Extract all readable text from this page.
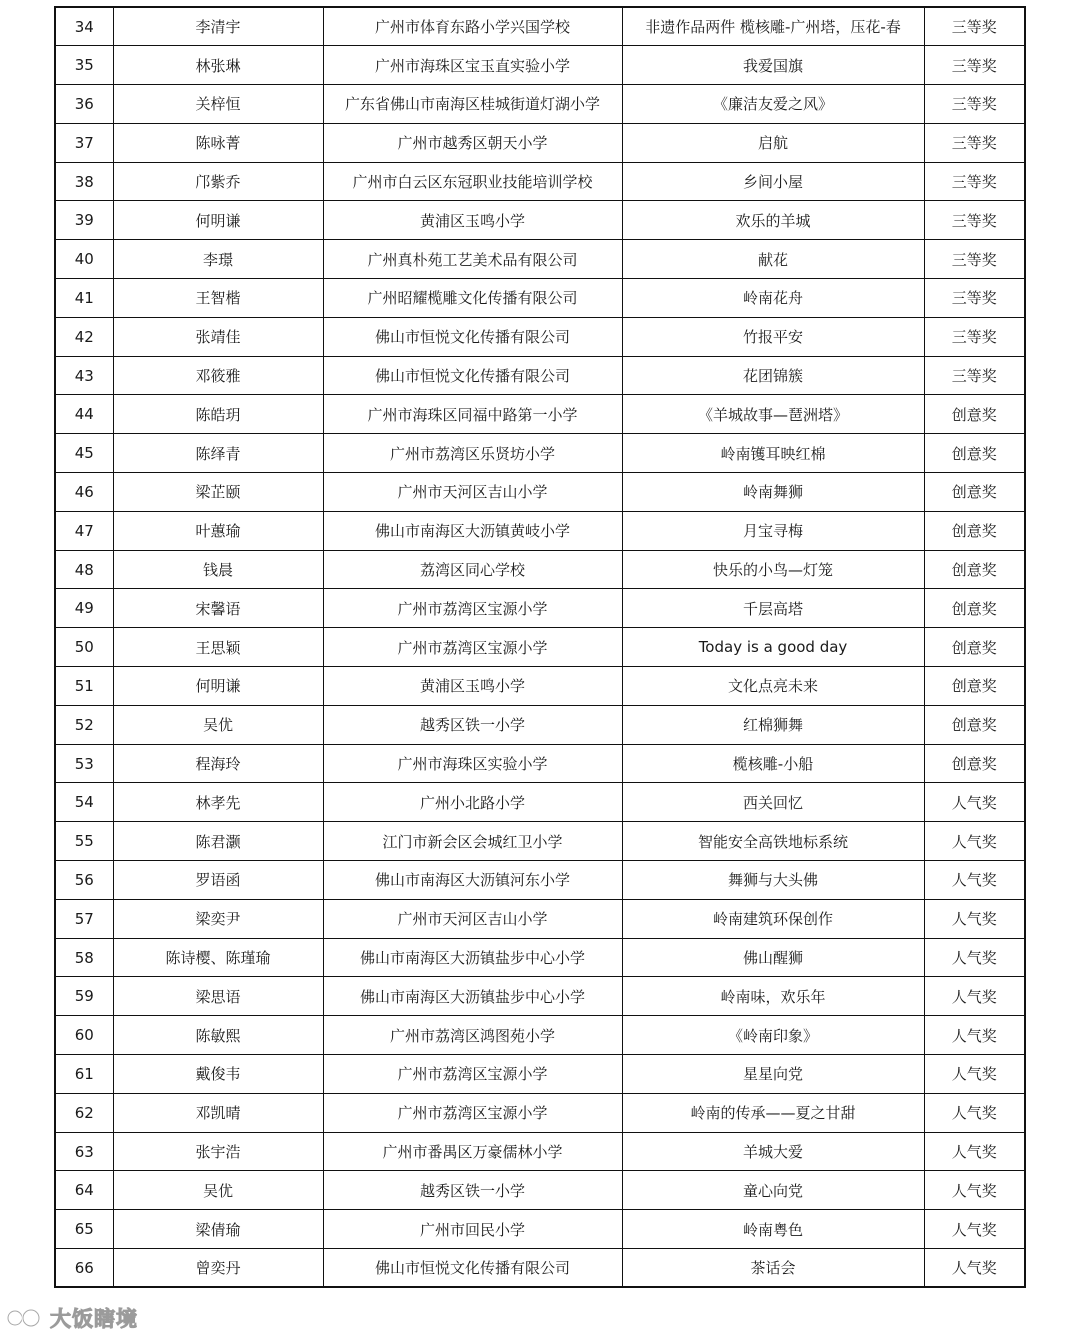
34	李清宇	广州市体育东路小学兴国学校	非遗作品两件 榄核雕-广州塔，压花-春	三等奖
35	林张琳	广州市海珠区宝玉直实验小学	我爱国旗	三等奖
36	关梓恒	广东省佛山市南海区桂城街道灯湖小学	《廉洁友爱之风》	三等奖
37	陈咏菁	广州市越秀区朝天小学	启航	三等奖
38	邝紫乔	广州市白云区东冠职业技能培训学校	乡间小屋	三等奖
39	何明谦	黄浦区玉鸣小学	欢乐的羊城	三等奖
40	李璟	广州真朴苑工艺美术品有限公司	献花	三等奖
41	王智楷	广州昭耀榄雕文化传播有限公司	岭南花舟	三等奖
42	张靖佳	佛山市恒悦文化传播有限公司	竹报平安	三等奖
43	邓筱雅	佛山市恒悦文化传播有限公司	花团锦簇	三等奖
44	陈皓玥	广州市海珠区同福中路第一小学	《羊城故事—琶洲塔》	创意奖
45	陈绎青	广州市荔湾区乐贤坊小学	岭南镬耳映红棉	创意奖
46	梁芷颐	广州市天河区吉山小学	岭南舞狮	创意奖
47	叶蕙瑜	佛山市南海区大沥镇黄岐小学	月宝寻梅	创意奖
48	钱晨	荔湾区同心学校	快乐的小鸟—灯笼	创意奖
49	宋馨语	广州市荔湾区宝源小学	千层高塔	创意奖
50	王思颖	广州市荔湾区宝源小学	Today is a good day	创意奖
51	何明谦	黄浦区玉鸣小学	文化点亮未来	创意奖
52	吴优	越秀区铁一小学	红棉狮舞	创意奖
53	程海玲	广州市海珠区实验小学	榄核雕-小船	创意奖
54	林孝先	广州小北路小学	西关回忆	人气奖
55	陈君灏	江门市新会区会城红卫小学	智能安全高铁地标系统	人气奖
56	罗语函	佛山市南海区大沥镇河东小学	舞狮与大头佛	人气奖
57	梁奕尹	广州市天河区吉山小学	岭南建筑环保创作	人气奖
58	陈诗樱、陈瑾瑜	佛山市南海区大沥镇盐步中心小学	佛山醒狮	人气奖
59	梁思语	佛山市南海区大沥镇盐步中心小学	岭南味，欢乐年	人气奖
60	陈敏熙	广州市荔湾区鸿图苑小学	《岭南印象》	人气奖
61	戴俊韦	广州市荔湾区宝源小学	星星向党	人气奖
62	邓凯晴	广州市荔湾区宝源小学	岭南的传承——夏之甘甜	人气奖
63	张宇浩	广州市番禺区万豪儒林小学	羊城大爱	人气奖
64	吴优	越秀区铁一小学	童心向党	人气奖
65	梁倩瑜	广州市回民小学	岭南粤色	人气奖
66	曾奕丹	佛山市恒悦文化传播有限公司	茶话会	人气奖
大饭瞎境
